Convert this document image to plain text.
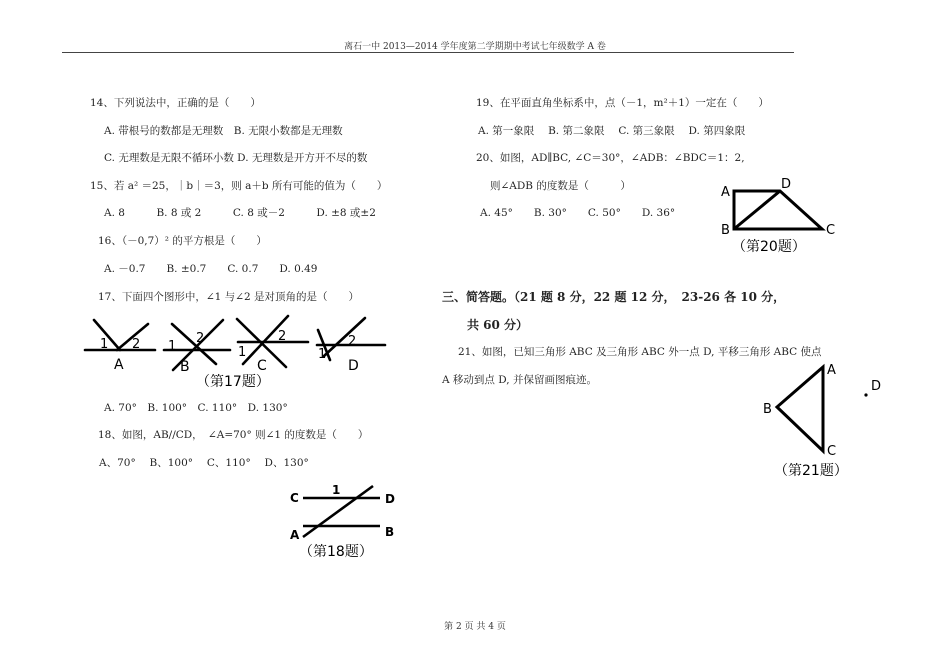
离石一中 2013—2014 学年度第二学期期中考试七年级数学 A 卷
14、下列说法中，正确的是（　　）
A. 带根号的数都是无理数　B. 无限小数都是无理数
C. 无理数是无限不循环小数 D. 无理数是开方开不尽的数
15、若 a² ＝25，｜b｜＝3，则 a＋b 所有可能的值为（　　）
A. 8　　　B. 8 或 2　　　C. 8 或－2　　　D. ±8 或±2
16、（－0,7）² 的平方根是（　　）
A. －0.7　　B. ±0.7　　C. 0.7　　D. 0.49
17、下面四个图形中，∠1 与∠2 是对顶角的是（　　）
1 2 1
2
1
2
1
2
A	B	C	D
（第17题）
A. 70°　B. 100°　C. 110°　D. 130°
18、如图，AB//CD，　∠A=70° 则∠1 的度数是（　　）
A、70°　 B、100°　 C、110°　 D、130°
C	D
A	B
1
（第18题）
19、在平面直角坐标系中，点（－1，m²＋1）一定在（　　）
A. 第一象限　 B. 第二象限　 C. 第三象限　 D. 第四象限
20、如图，AD∥BC, ∠C＝30°，∠ADB：∠BDC＝1：2,
则∠ADB 的度数是（　　　）
A. 45°　　B. 30°　　C. 50°　　D. 36°
A
D
B	C
（第20题）
三、简答题。（21 题 8 分，22 题 12 分，　23-26 各 10 分，
共 60 分）
21、如图，已知三角形 ABC 及三角形 ABC 外一点 D, 平移三角形 ABC 使点
A 移动到点 D, 并保留画图痕迹。
A
B
C
D
（第21题）
第 2 页 共 4 页
